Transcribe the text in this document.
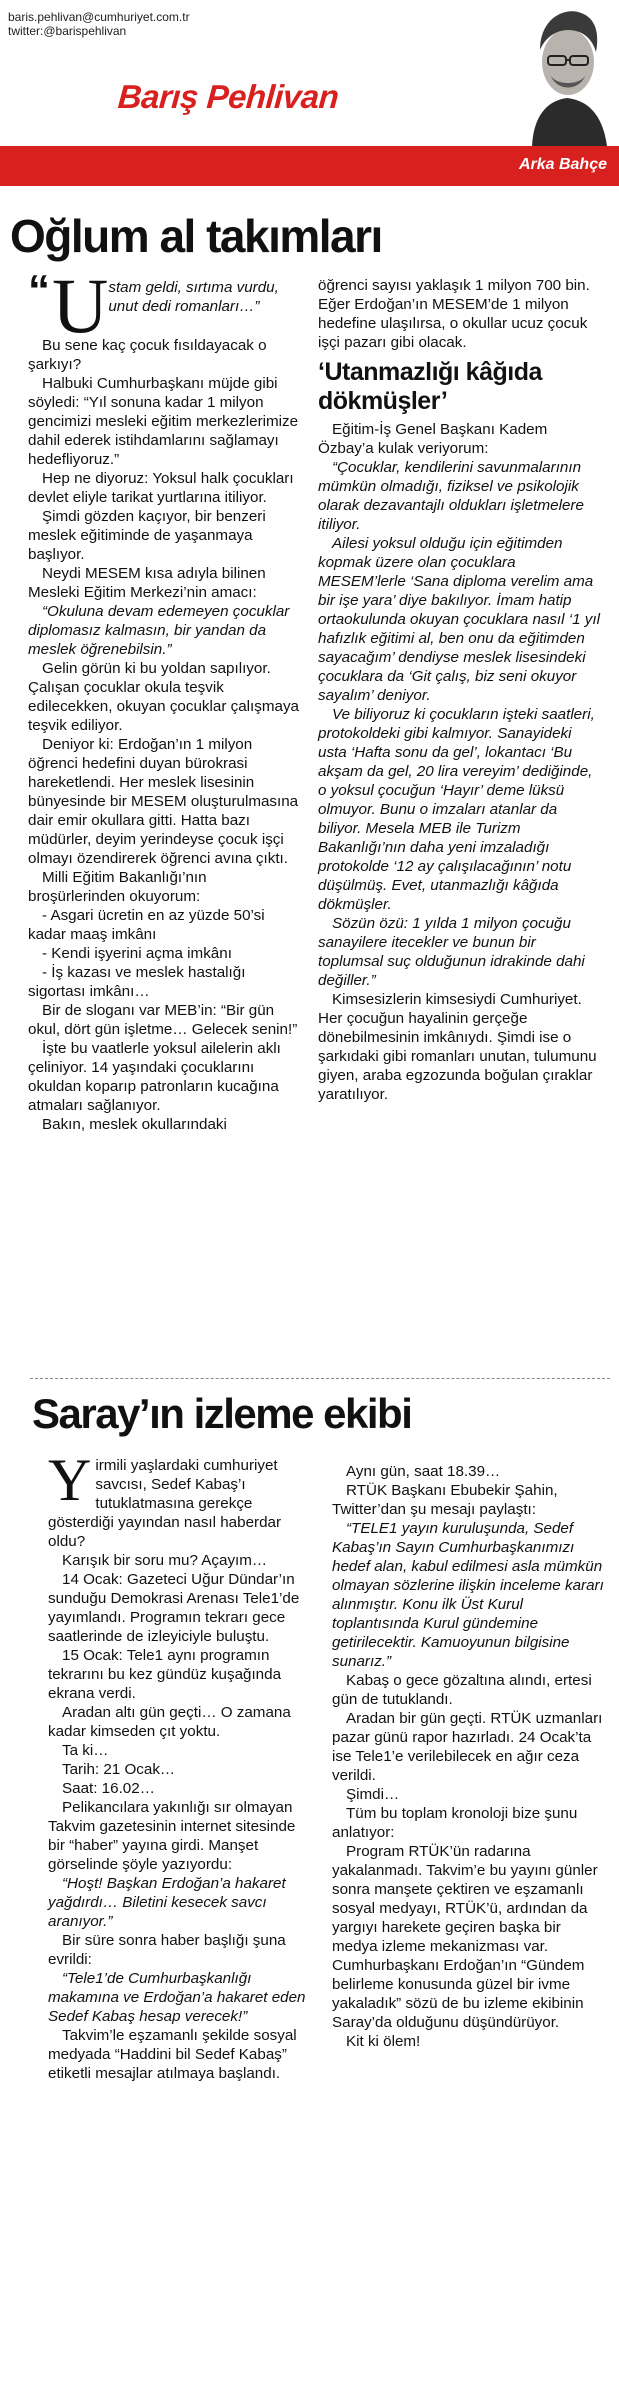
baris.pehlivan@cumhuriyet.com.tr
twitter:@barispehlivan
Barış Pehlivan
Arka Bahçe
Oğlum al takımları
“ U stam geldi, sırtıma vurdu, unut dedi romanları…”

Bu sene kaç çocuk fısıldayacak o şarkıyı?

Halbuki Cumhurbaşkanı müjde gibi söyledi: “Yıl sonuna kadar 1 milyon gencimizi mesleki eğitim merkezlerimize dahil ederek istihdamlarını sağlamayı hedefliyoruz.”

Hep ne diyoruz: Yoksul halk çocukları devlet eliyle tarikat yurtlarına itiliyor.

Şimdi gözden kaçıyor, bir benzeri meslek eğitiminde de yaşanmaya başlıyor.

Neydi MESEM kısa adıyla bilinen Mesleki Eğitim Merkezi’nin amacı:

“Okuluna devam edemeyen çocuklar diplomasız kalmasın, bir yandan da meslek öğrenebilsin.”

Gelin görün ki bu yoldan sapılıyor. Çalışan çocuklar okula teşvik edilecekken, okuyan çocuklar çalışmaya teşvik ediliyor.

Deniyor ki: Erdoğan’ın 1 milyon öğrenci hedefini duyan bürokrasi hareketlendi. Her meslek lisesinin bünyesinde bir MESEM oluşturulmasına dair emir okullara gitti. Hatta bazı müdürler, deyim yerindeyse çocuk işçi olmayı özendirerek öğrenci avına çıktı.

Milli Eğitim Bakanlığı’nın broşürlerinden okuyorum:

- Asgari ücretin en az yüzde 50’si kadar maaş imkânı

- Kendi işyerini açma imkânı

- İş kazası ve meslek hastalığı sigortası imkânı…

Bir de sloganı var MEB’in: “Bir gün okul, dört gün işletme… Gelecek senin!”

İşte bu vaatlerle yoksul ailelerin aklı çeliniyor. 14 yaşındaki çocuklarını okuldan koparıp patronların kucağına atmaları sağlanıyor.

Bakın, meslek okullarındaki

öğrenci sayısı yaklaşık 1 milyon 700 bin. Eğer Erdoğan’ın MESEM’de 1 milyon hedefine ulaşılırsa, o okullar ucuz çocuk işçi pazarı gibi olacak.

‘Utanmazlığı kâğıda dökmüşler’

Eğitim-İş Genel Başkanı Kadem Özbay’a kulak veriyorum:

“Çocuklar, kendilerini savunmalarının mümkün olmadığı, fiziksel ve psikolojik olarak dezavantajlı oldukları işletmelere itiliyor.

Ailesi yoksul olduğu için eğitimden kopmak üzere olan çocuklara MESEM’lerle ‘Sana diploma verelim ama bir işe yara’ diye bakılıyor. İmam hatip ortaokulunda okuyan çocuklara nasıl ‘1 yıl hafızlık eğitimi al, ben onu da eğitimden sayacağım’ dendiyse meslek lisesindeki çocuklara da ‘Git çalış, biz seni okuyor sayalım’ deniyor.

Ve biliyoruz ki çocukların işteki saatleri, protokoldeki gibi kalmıyor. Sanayideki usta ‘Hafta sonu da gel’, lokantacı ‘Bu akşam da gel, 20 lira vereyim’ dediğinde, o yoksul çocuğun ‘Hayır’ deme lüksü olmuyor. Bunu o imzaları atanlar da biliyor. Mesela MEB ile Turizm Bakanlığı’nın daha yeni imzaladığı protokolde ‘12 ay çalışılacağının’ notu düşülmüş. Evet, utanmazlığı kâğıda dökmüşler.

Sözün özü: 1 yılda 1 milyon çocuğu sanayilere itecekler ve bunun bir toplumsal suç olduğunun idrakinde dahi değiller.”

Kimsesizlerin kimsesiydi Cumhuriyet. Her çocuğun hayalinin gerçeğe dönebilmesinin imkânıydı. Şimdi ise o şarkıdaki gibi romanları unutan, tulumunu giyen, araba egzozunda boğulan çıraklar yaratılıyor.

Saray’ın izleme ekibi
Y irmili yaşlardaki cumhuriyet savcısı, Sedef Kabaş’ı tutuklatmasına gerekçe gösterdiği yayından nasıl haberdar oldu?

Karışık bir soru mu? Açayım…

14 Ocak: Gazeteci Uğur Dündar’ın sunduğu Demokrasi Arenası Tele1’de yayımlandı. Programın tekrarı gece saatlerinde de izleyiciyle buluştu.

15 Ocak: Tele1 aynı programın tekrarını bu kez gündüz kuşağında ekrana verdi.

Aradan altı gün geçti… O zamana kadar kimseden çıt yoktu.

Ta ki…

Tarih: 21 Ocak…

Saat: 16.02…

Pelikancılara yakınlığı sır olmayan Takvim gazetesinin internet sitesinde bir “haber” yayına girdi. Manşet görselinde şöyle yazıyordu:

“Hoşt! Başkan Erdoğan’a hakaret yağdırdı… Biletini kesecek savcı aranıyor.”

Bir süre sonra haber başlığı şuna evrildi:

“Tele1’de Cumhurbaşkanlığı makamına ve Erdoğan’a hakaret eden Sedef Kabaş hesap verecek!”

Takvim’le eşzamanlı şekilde sosyal medyada “Haddini bil Sedef Kabaş” etiketli mesajlar atılmaya başlandı.

Aynı gün, saat 18.39…

RTÜK Başkanı Ebubekir Şahin, Twitter’dan şu mesajı paylaştı:

“TELE1 yayın kuruluşunda, Sedef Kabaş’ın Sayın Cumhurbaşkanımızı hedef alan, kabul edilmesi asla mümkün olmayan sözlerine ilişkin inceleme kararı alınmıştır. Konu ilk Üst Kurul toplantısında Kurul gündemine getirilecektir. Kamuoyunun bilgisine sunarız.”

Kabaş o gece gözaltına alındı, ertesi gün de tutuklandı.

Aradan bir gün geçti. RTÜK uzmanları pazar günü rapor hazırladı. 24 Ocak’ta ise Tele1’e verilebilecek en ağır ceza verildi.

Şimdi…

Tüm bu toplam kronoloji bize şunu anlatıyor:

Program RTÜK’ün radarına yakalanmadı. Takvim’e bu yayını günler sonra manşete çektiren ve eşzamanlı sosyal medyayı, RTÜK’ü, ardından da yargıyı harekete geçiren başka bir medya izleme mekanizması var. Cumhurbaşkanı Erdoğan’ın “Gündem belirleme konusunda güzel bir ivme yakaladık” sözü de bu izleme ekibinin Saray’da olduğunu düşündürüyor.

Kit ki ölem!
